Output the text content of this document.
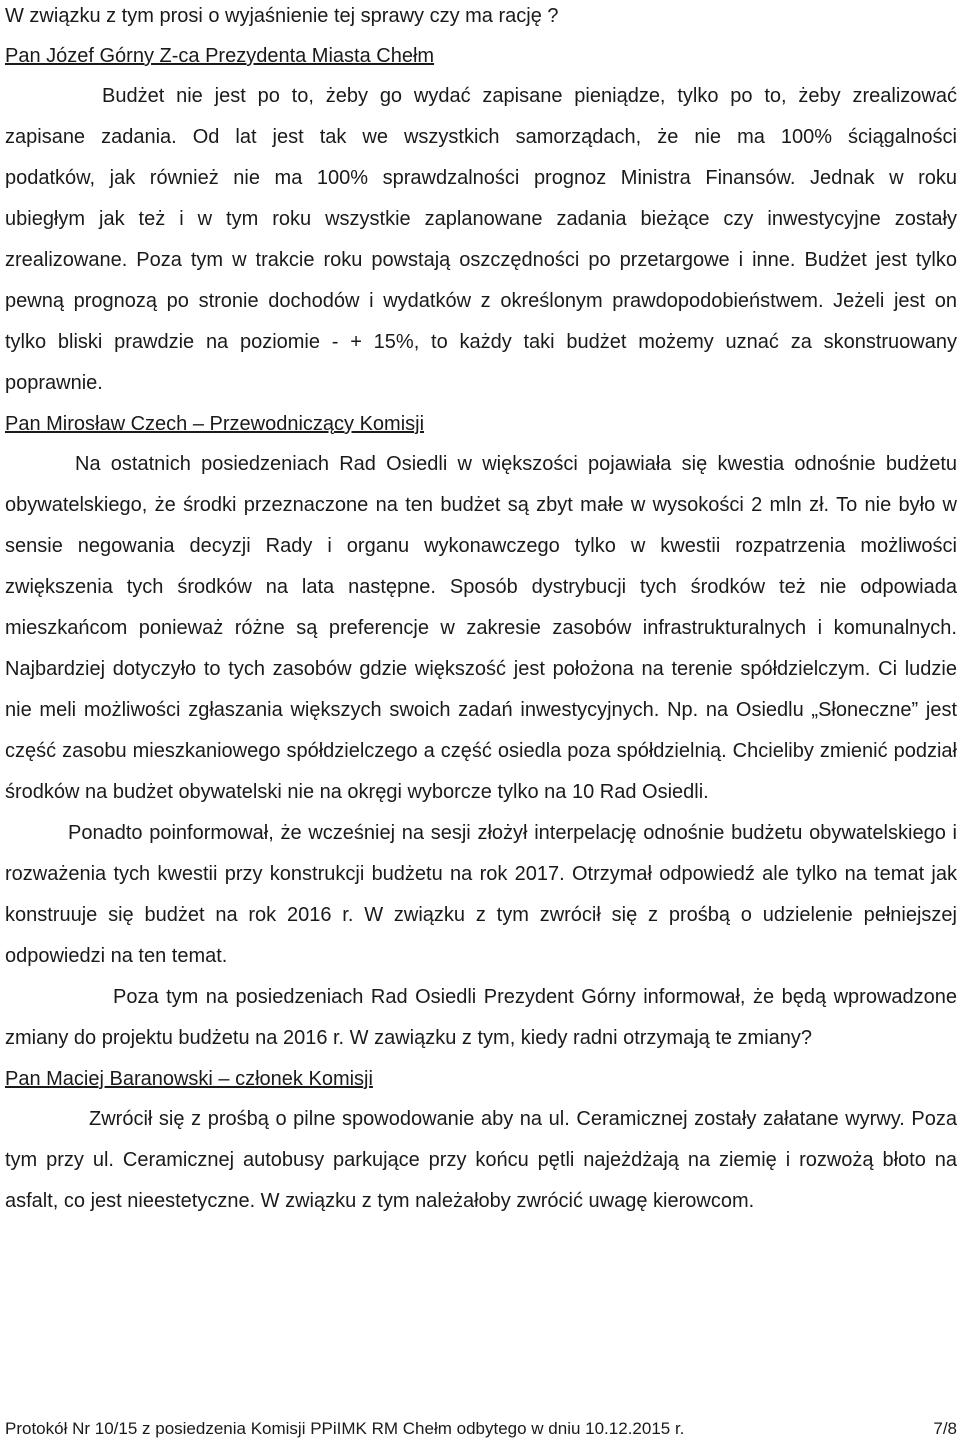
W związku z tym prosi o wyjaśnienie tej sprawy czy ma rację ?

Pan Józef Górny Z-ca Prezydenta Miasta Chełm

Budżet nie jest po to, żeby go wydać zapisane pieniądze, tylko po to, żeby zrealizować zapisane zadania. Od lat jest tak we wszystkich samorządach, że nie ma 100% ściągalności podatków, jak również nie ma 100% sprawdzalności prognoz Ministra Finansów. Jednak w roku ubiegłym jak też i w tym roku wszystkie zaplanowane zadania bieżące czy inwestycyjne zostały zrealizowane. Poza tym w trakcie roku powstają oszczędności po przetargowe i inne. Budżet jest tylko pewną prognozą po stronie dochodów i wydatków z określonym prawdopodobieństwem. Jeżeli jest on tylko bliski prawdzie na poziomie - + 15%, to każdy taki budżet możemy uznać za skonstruowany poprawnie.

Pan Mirosław Czech – Przewodniczący Komisji

Na ostatnich posiedzeniach Rad Osiedli w większości pojawiała się kwestia odnośnie budżetu obywatelskiego, że środki przeznaczone na ten budżet są zbyt małe w wysokości 2 mln zł. To nie było w sensie negowania decyzji Rady i organu wykonawczego tylko w kwestii rozpatrzenia możliwości zwiększenia tych środków na lata następne. Sposób dystrybucji tych środków też nie odpowiada mieszkańcom ponieważ różne są preferencje w zakresie zasobów infrastrukturalnych i komunalnych. Najbardziej dotyczyło to tych zasobów gdzie większość jest położona na terenie spółdzielczym. Ci ludzie nie meli możliwości zgłaszania większych swoich zadań inwestycyjnych. Np. na Osiedlu „Słoneczne” jest część zasobu mieszkaniowego spółdzielczego a część osiedla poza spółdzielnią. Chcieliby zmienić podział środków na budżet obywatelski nie na okręgi wyborcze tylko na 10 Rad Osiedli.

Ponadto poinformował, że wcześniej na sesji złożył interpelację odnośnie budżetu obywatelskiego i rozważenia tych kwestii przy konstrukcji budżetu na rok 2017. Otrzymał odpowiedź ale tylko na temat jak konstruuje się budżet na rok 2016 r. W związku z tym zwrócił się z prośbą o udzielenie pełniejszej odpowiedzi na ten temat.

Poza tym na posiedzeniach Rad Osiedli Prezydent Górny informował, że będą wprowadzone zmiany do projektu budżetu na 2016 r. W zawiązku z tym, kiedy radni otrzymają te zmiany?

Pan Maciej Baranowski – członek Komisji

Zwrócił się z prośbą o pilne spowodowanie aby na ul. Ceramicznej zostały załatane wyrwy. Poza tym przy ul. Ceramicznej autobusy parkujące przy końcu pętli najeżdżają na ziemię i rozwożą błoto na asfalt, co jest nieestetyczne. W związku z tym należałoby zwrócić uwagę kierowcom.

Protokół Nr 10/15 z posiedzenia Komisji PPiIMK RM Chełm odbytego w dniu 10.12.2015 r.	7/8
